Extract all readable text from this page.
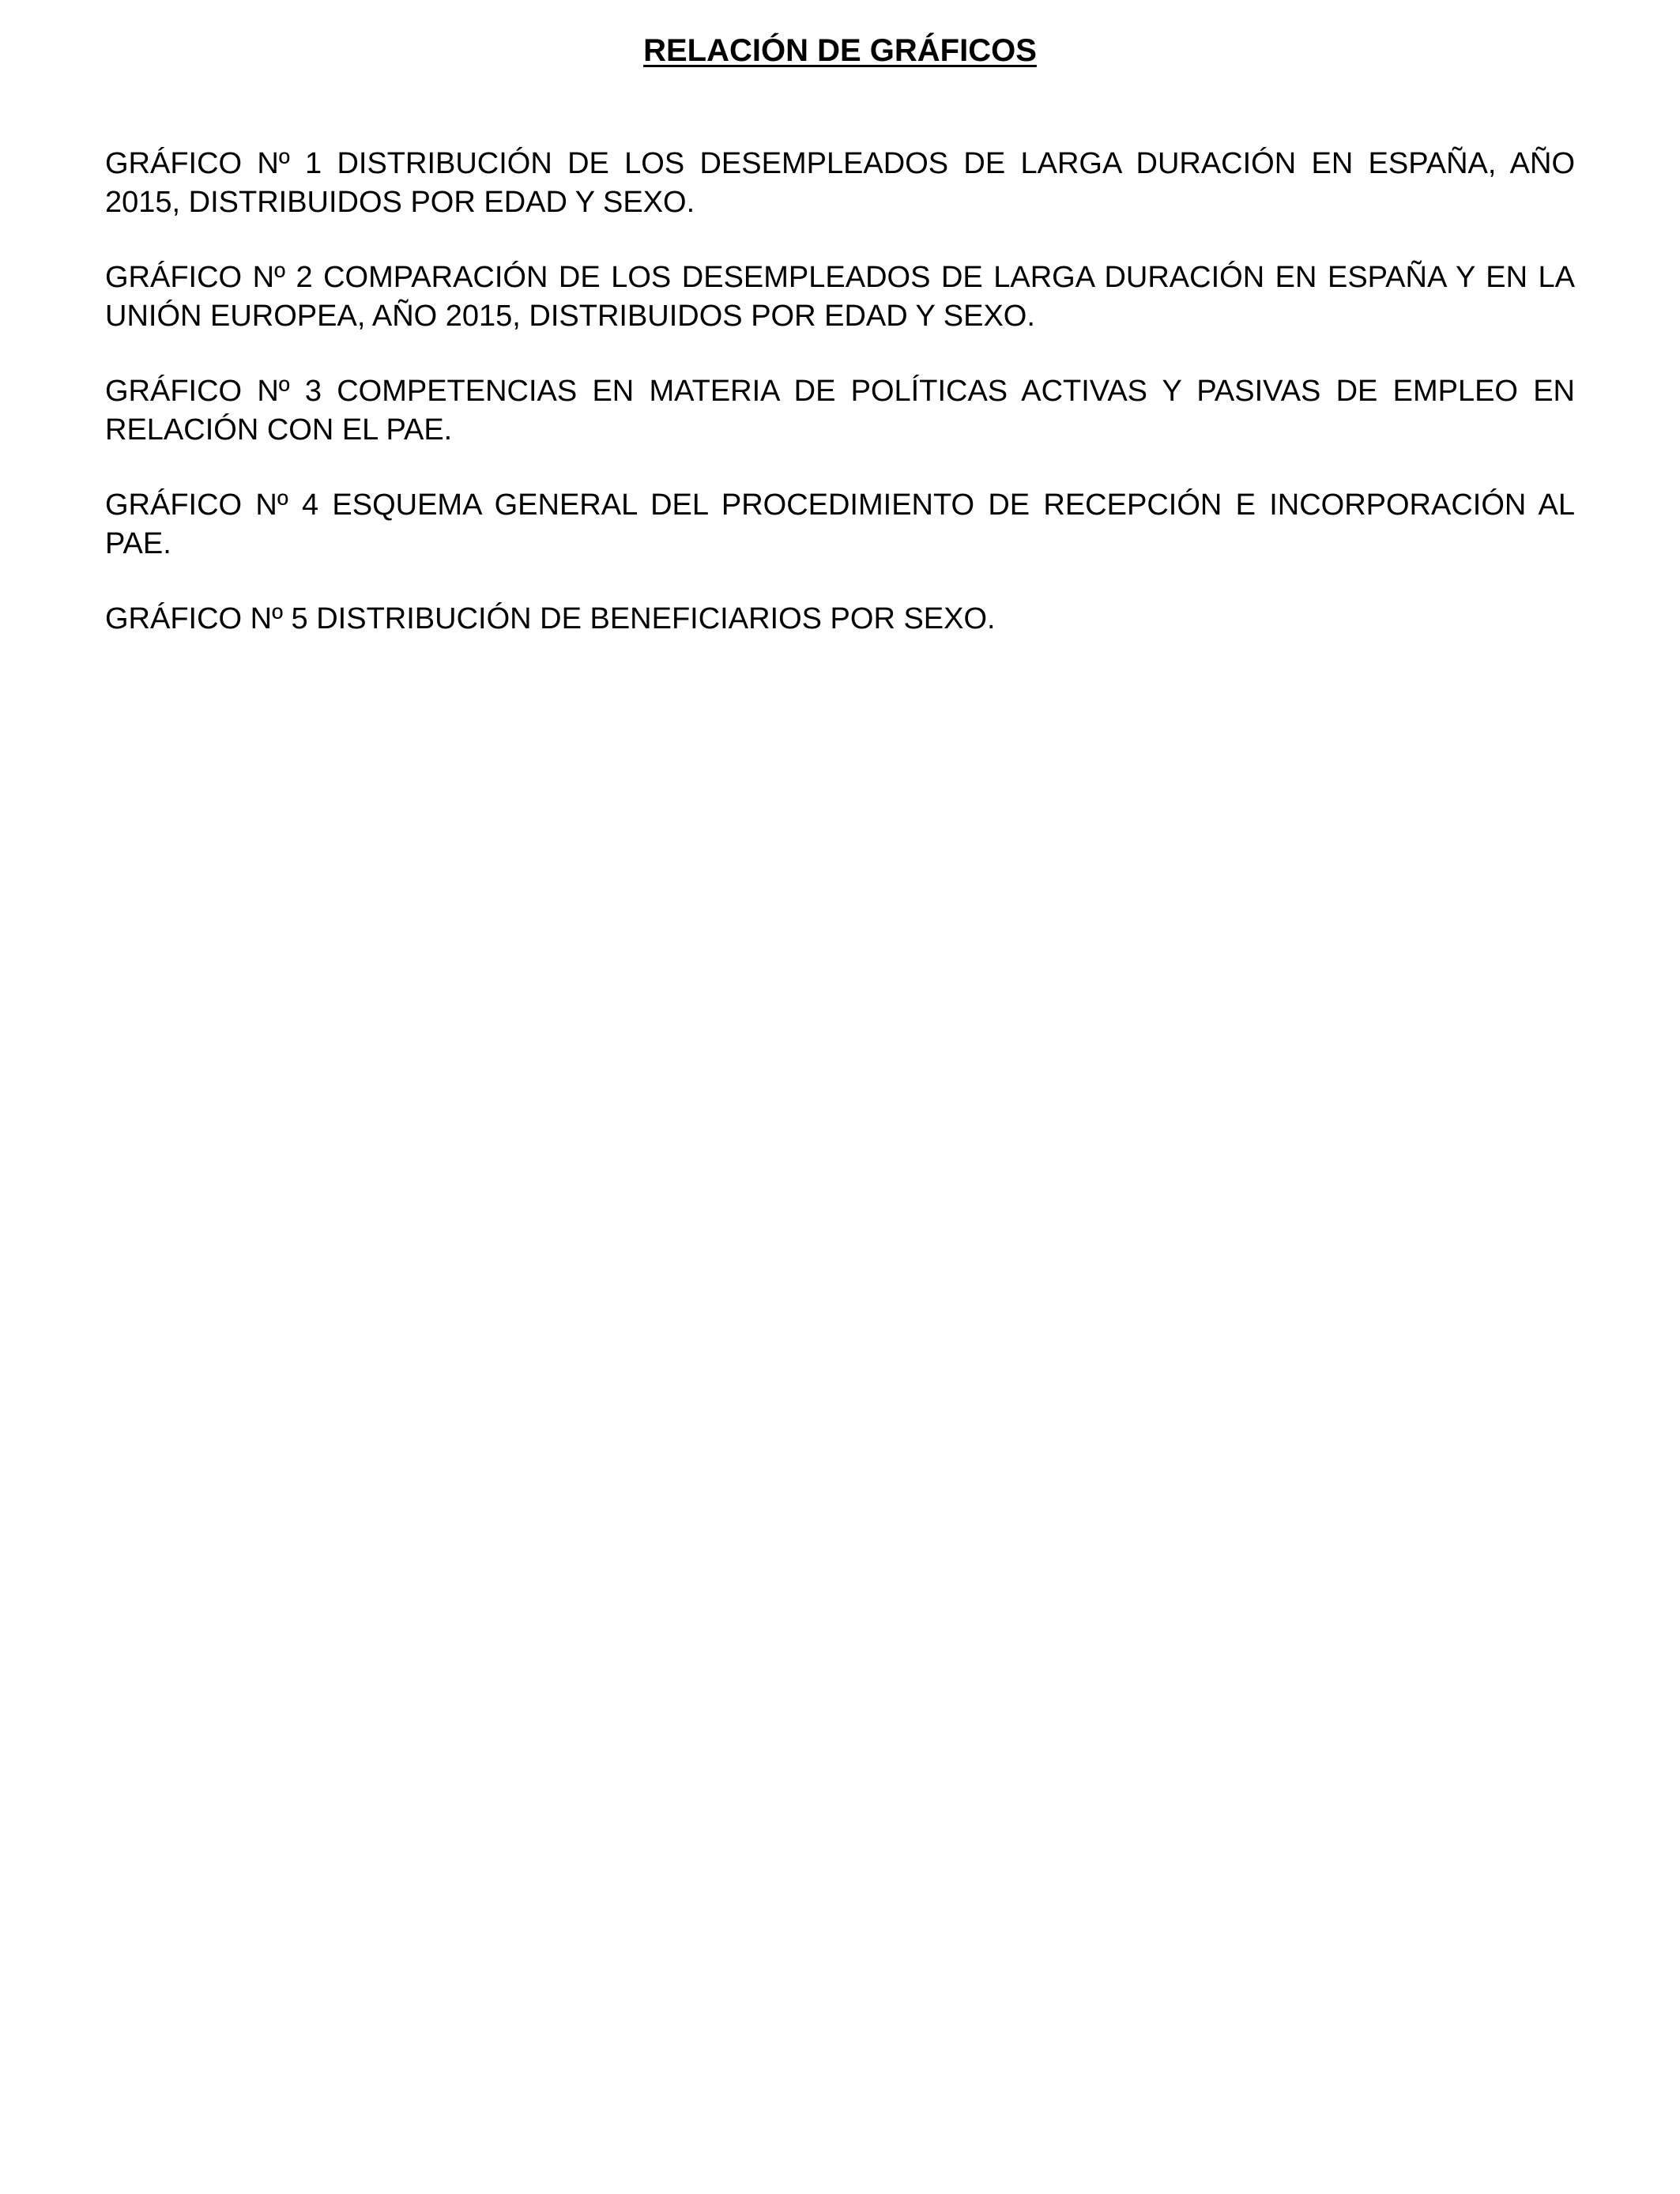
RELACIÓN DE GRÁFICOS

GRÁFICO Nº 1 DISTRIBUCIÓN DE LOS DESEMPLEADOS DE LARGA DURACIÓN EN ESPAÑA, AÑO 2015, DISTRIBUIDOS POR EDAD Y SEXO.

GRÁFICO Nº 2 COMPARACIÓN DE LOS DESEMPLEADOS DE LARGA DURACIÓN EN ESPAÑA Y EN LA UNIÓN EUROPEA, AÑO 2015, DISTRIBUIDOS POR EDAD Y SEXO.

GRÁFICO Nº 3 COMPETENCIAS EN MATERIA DE POLÍTICAS ACTIVAS Y PASIVAS DE EMPLEO EN RELACIÓN CON EL PAE.

GRÁFICO Nº 4 ESQUEMA GENERAL DEL PROCEDIMIENTO DE RECEPCIÓN E INCORPORACIÓN AL PAE.

GRÁFICO Nº 5 DISTRIBUCIÓN DE BENEFICIARIOS POR SEXO.
